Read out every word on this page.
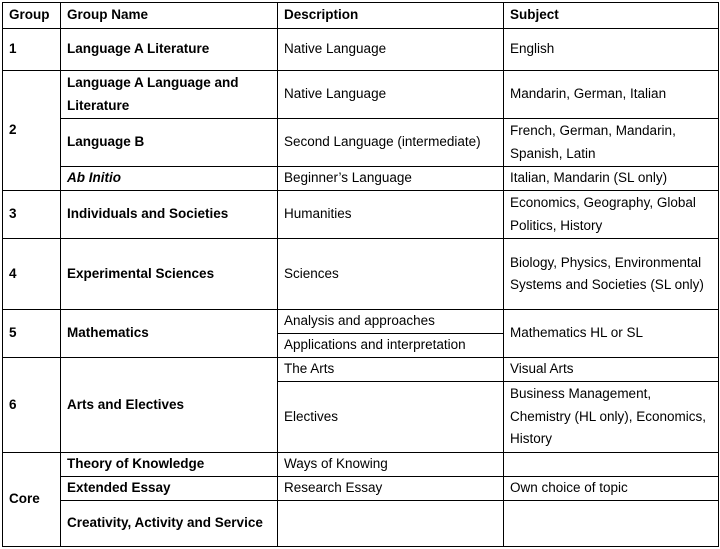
Group	Group Name	Description	Subject
1	Language A Literature	Native Language	English
2	Language A Language and Literature	Native Language	Mandarin, German, Italian
	Language B	Second Language (intermediate)	French, German, Mandarin, Spanish, Latin
	Ab Initio	Beginner’s Language	Italian, Mandarin (SL only)
3	Individuals and Societies	Humanities	Economics, Geography, Global Politics, History
4	Experimental Sciences	Sciences	Biology, Physics, Environmental Systems and Societies (SL only)
5	Mathematics	Analysis and approaches	Mathematics HL or SL
		Applications and interpretation	
6	Arts and Electives	The Arts	Visual Arts
		Electives	Business Management, Chemistry (HL only), Economics, History
Core	Theory of Knowledge	Ways of Knowing	
	Extended Essay	Research Essay	Own choice of topic
	Creativity, Activity and Service		
